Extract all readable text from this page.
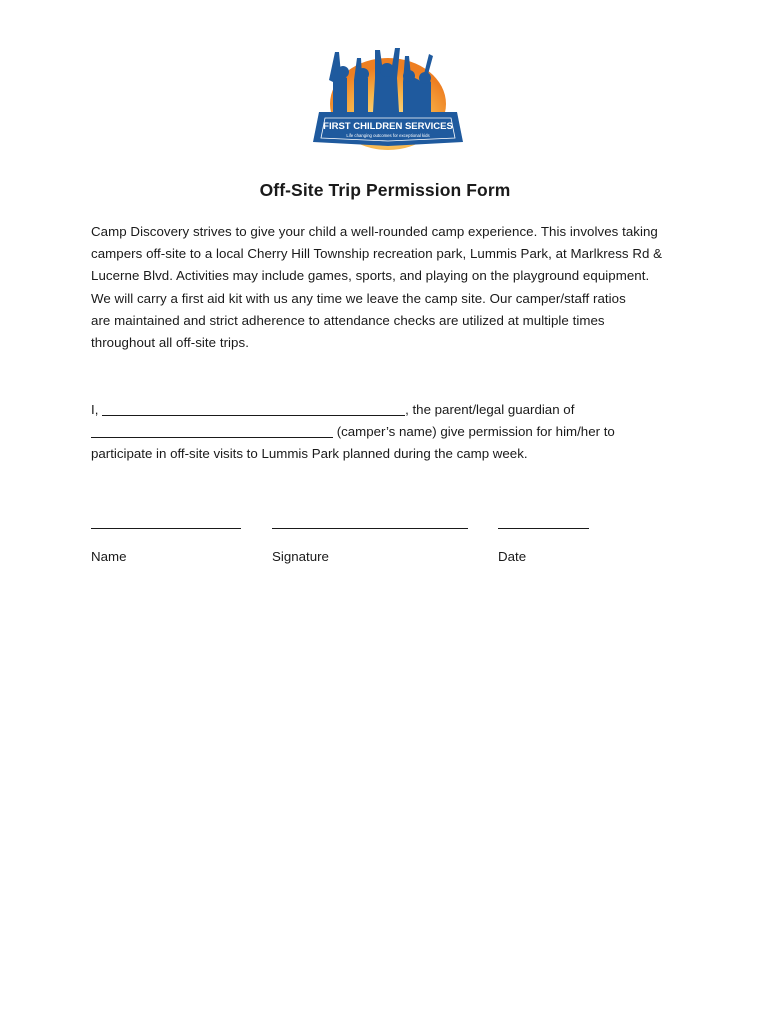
FIRST CHILDREN SERVICES
Life changing outcomes for exceptional kids
Off-Site Trip Permission Form

Camp Discovery strives to give your child a well-rounded camp experience. This involves taking
campers off-site to a local Cherry Hill Township recreation park, Lummis Park, at Marlkress Rd &
Lucerne Blvd. Activities may include games, sports, and playing on the playground equipment.
We will carry a first aid kit with us any time we leave the camp site. Our camper/staff ratios
are maintained and strict adherence to attendance checks are utilized at multiple times
throughout all off-site trips.

I,	, the parent/legal guardian of
(camper’s name) give permission for him/her to
participate in off-site visits to Lummis Park planned during the camp week.

Name	Signature	Date
